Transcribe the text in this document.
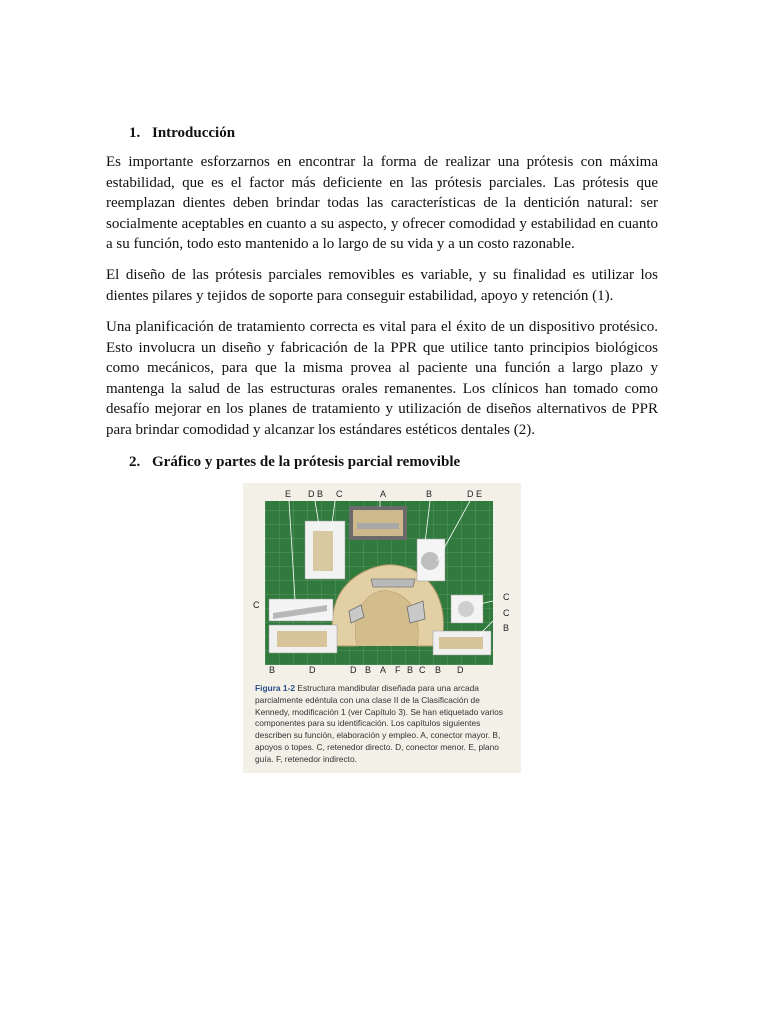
1. Introducción

Es importante esforzarnos en encontrar la forma de realizar una prótesis con máxima estabilidad, que es el factor más deficiente en las prótesis parciales. Las prótesis que reemplazan dientes deben brindar todas las características de la dentición natural: ser socialmente aceptables en cuanto a su aspecto, y ofrecer comodidad y estabilidad en cuanto a su función, todo esto mantenido a lo largo de su vida y a un costo razonable.

El diseño de las prótesis parciales removibles es variable, y su finalidad es utilizar los dientes pilares y tejidos de soporte para conseguir estabilidad, apoyo y retención (1).

Una planificación de tratamiento correcta es vital para el éxito de un dispositivo protésico. Esto involucra un diseño y fabricación de la PPR que utilice tanto principios biológicos como mecánicos, para que la misma provea al paciente una función a largo plazo y mantenga la salud de las estructuras orales remanentes. Los clínicos han tomado como desafío mejorar en los planes de tratamiento y utilización de diseños alternativos de PPR para brindar comodidad y alcanzar los estándares estéticos dentales (2).

2. Gráfico y partes de la prótesis parcial removible
E D B C	A	B	D E
C
C
C
B
B	D	D B A F B C B D

Figura 1-2 Estructura mandibular diseñada para una arcada parcialmente edéntula con una clase II de la Clasificación de Kennedy, modificación 1 (ver Capítulo 3). Se han etiquetado varios componentes para su identificación. Los capítulos siguientes describen su función, elaboración y empleo. A, conector mayor. B, apoyos o topes. C, retenedor directo. D, conector menor. E, plano guía. F, retenedor indirecto.
